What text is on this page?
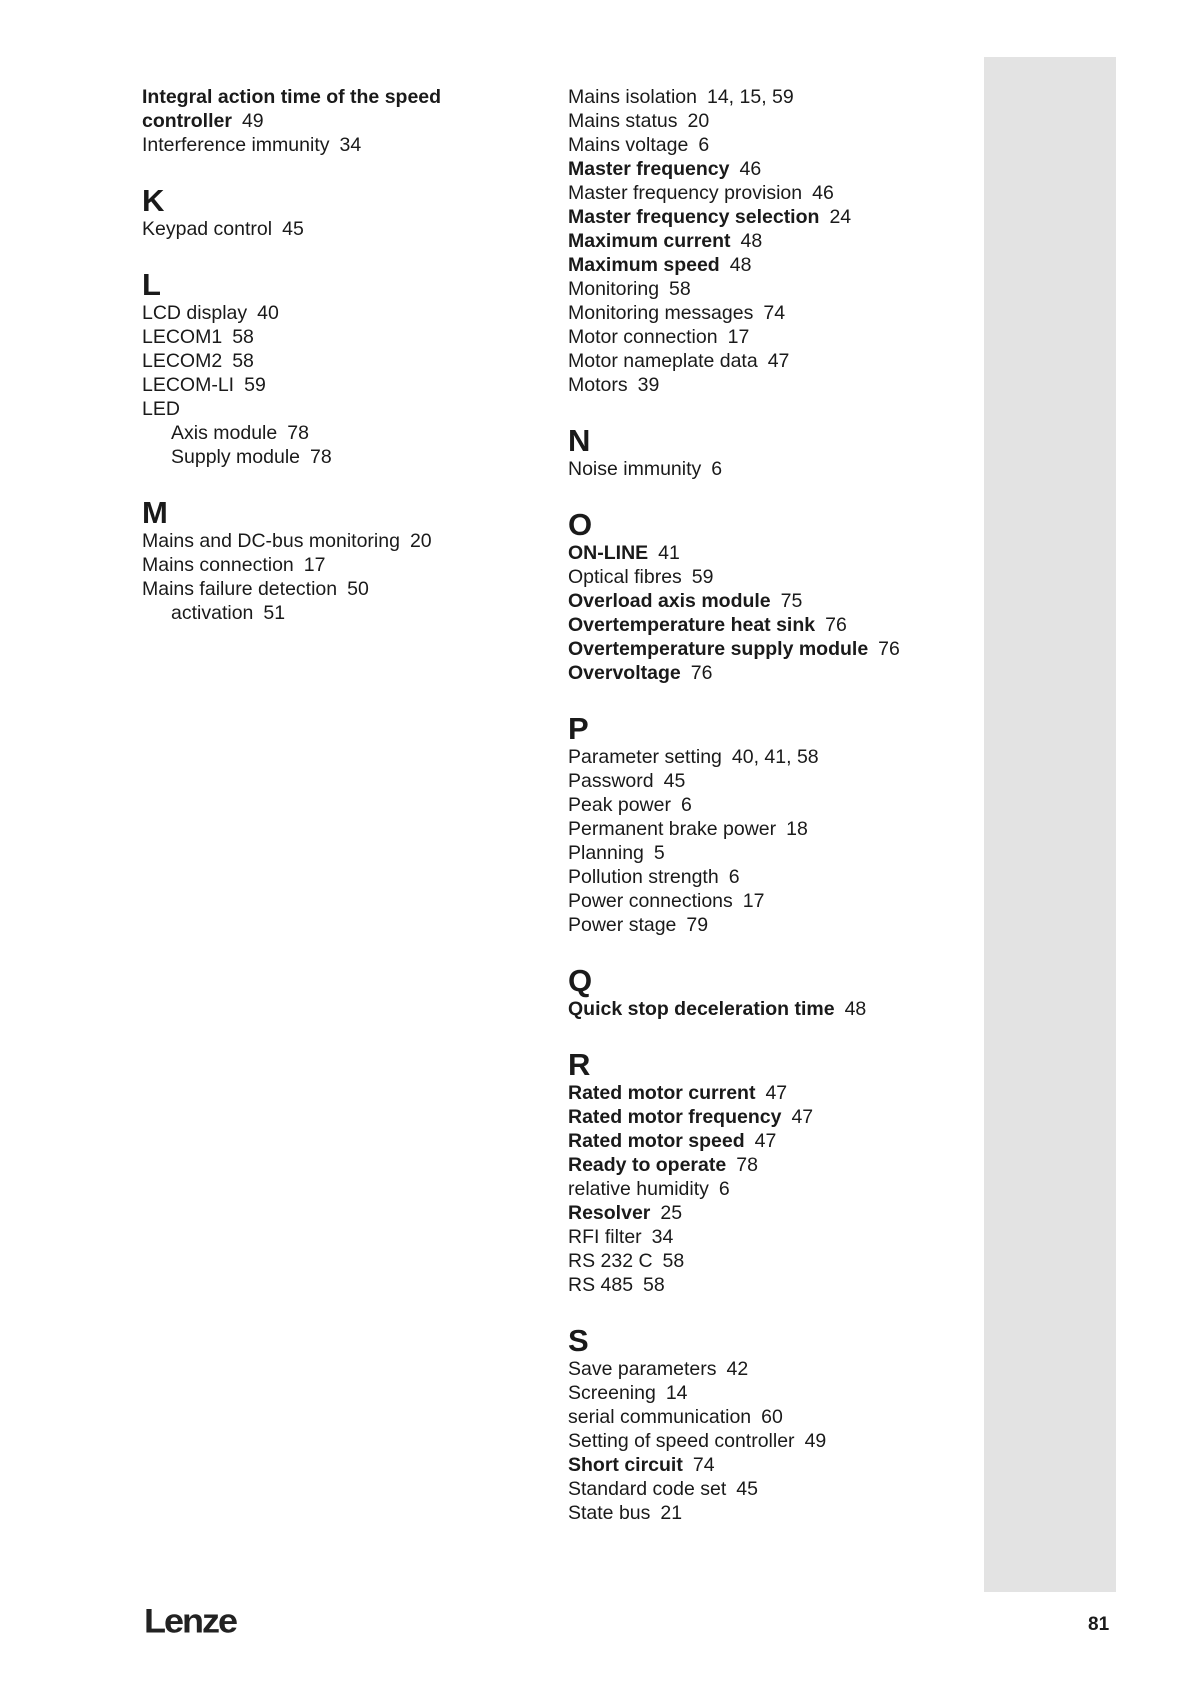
Integral action time of the speed
controller 49
Interference immunity 34
K
Keypad control 45
L
LCD display 40
LECOM1 58
LECOM2 58
LECOM-LI 59
LED
Axis module 78
Supply module 78
M
Mains and DC-bus monitoring 20
Mains connection 17
Mains failure detection 50
activation 51
Mains isolation 14, 15, 59
Mains status 20
Mains voltage 6
Master frequency 46
Master frequency provision 46
Master frequency selection 24
Maximum current 48
Maximum speed 48
Monitoring 58
Monitoring messages 74
Motor connection 17
Motor nameplate data 47
Motors 39
N
Noise immunity 6
O
ON-LINE 41
Optical fibres 59
Overload axis module 75
Overtemperature heat sink 76
Overtemperature supply module 76
Overvoltage 76
P
Parameter setting 40, 41, 58
Password 45
Peak power 6
Permanent brake power 18
Planning 5
Pollution strength 6
Power connections 17
Power stage 79
Q
Quick stop deceleration time 48
R
Rated motor current 47
Rated motor frequency 47
Rated motor speed 47
Ready to operate 78
relative humidity 6
Resolver 25
RFI filter 34
RS 232 C 58
RS 485 58
S
Save parameters 42
Screening 14
serial communication 60
Setting of speed controller 49
Short circuit 74
Standard code set 45
State bus 21
Lenze	81
